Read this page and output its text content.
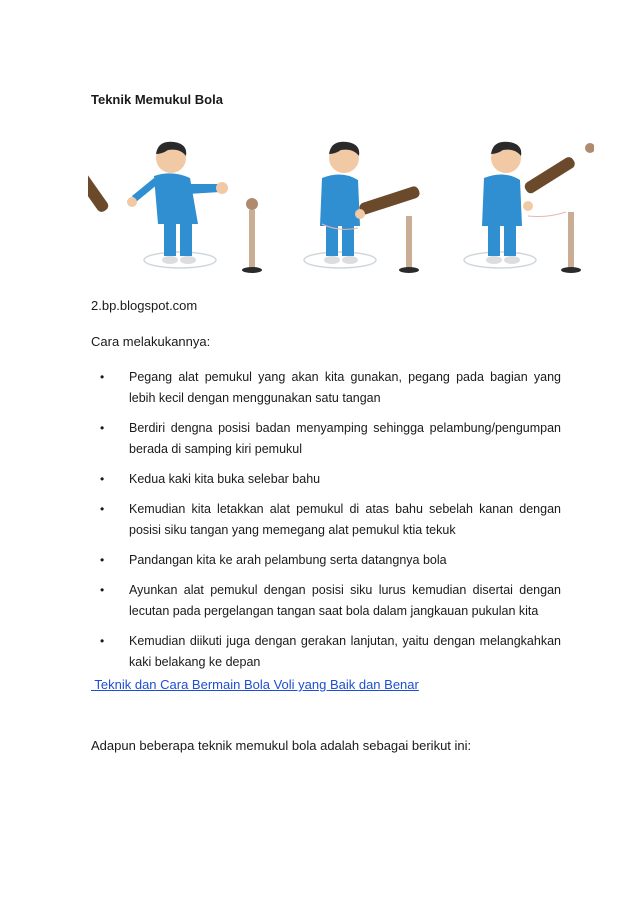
Teknik Memukul Bola
2.bp.blogspot.com
Cara melakukannya:
• Pegang alat pemukul yang akan kita gunakan, pegang pada bagian yang lebih kecil dengan menggunakan satu tangan
• Berdiri dengna posisi badan menyamping sehingga pelambung/pengumpan berada di samping kiri pemukul
• Kedua kaki kita buka selebar bahu
• Kemudian kita letakkan alat pemukul di atas bahu sebelah kanan dengan posisi siku tangan yang memegang alat pemukul ktia tekuk
• Pandangan kita ke arah pelambung serta datangnya bola
• Ayunkan alat pemukul dengan posisi siku lurus kemudian disertai dengan lecutan pada pergelangan tangan saat bola dalam jangkauan pukulan kita
• Kemudian diikuti juga dengan gerakan lanjutan, yaitu dengan melangkahkan kaki belakang ke depan
Teknik dan Cara Bermain Bola Voli yang Baik dan Benar
Adapun beberapa teknik memukul bola adalah sebagai berikut ini:
